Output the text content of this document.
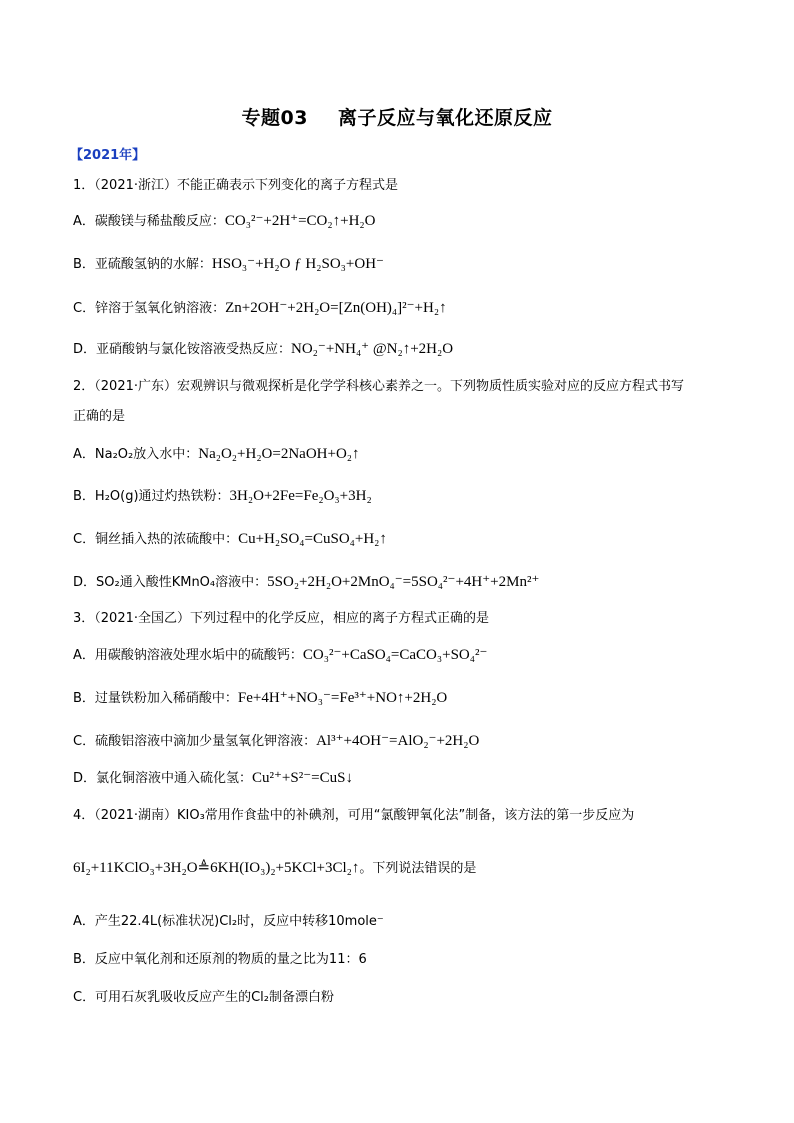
专题03 离子反应与氧化还原反应
【2021年】
1．（2021·浙江）不能正确表示下列变化的离子方程式是
A．碳酸镁与稀盐酸反应：CO₃²⁻+2H⁺=CO₂↑+H₂O
B．亚硫酸氢钠的水解：HSO₃⁻+H₂O ƒ H₂SO₃+OH⁻
C．锌溶于氢氧化钠溶液：Zn+2OH⁻+2H₂O=[Zn(OH)₄]²⁻+H₂↑
D．亚硝酸钠与氯化铵溶液受热反应：NO₂⁻+NH₄⁺ @N₂↑+2H₂O
2．（2021·广东）宏观辨识与微观探析是化学学科核心素养之一。下列物质性质实验对应的反应方程式书写
正确的是
A．Na₂O₂放入水中：Na₂O₂+H₂O=2NaOH+O₂↑
B．H₂O(g)通过灼热铁粉：3H₂O+2Fe=Fe₂O₃+3H₂
C．铜丝插入热的浓硫酸中：Cu+H₂SO₄=CuSO₄+H₂↑
D．SO₂通入酸性KMnO₄溶液中：5SO₂+2H₂O+2MnO₄⁻=5SO₄²⁻+4H⁺+2Mn²⁺
3．（2021·全国乙）下列过程中的化学反应，相应的离子方程式正确的是
A．用碳酸钠溶液处理水垢中的硫酸钙：CO₃²⁻+CaSO₄=CaCO₃+SO₄²⁻
B．过量铁粉加入稀硝酸中：Fe+4H⁺+NO₃⁻=Fe³⁺+NO↑+2H₂O
C．硫酸铝溶液中滴加少量氢氧化钾溶液：Al³⁺+4OH⁻=AlO₂⁻+2H₂O
D．氯化铜溶液中通入硫化氢：Cu²⁺+S²⁻=CuS↓
4．（2021·湖南）KIO₃常用作食盐中的补碘剂，可用“氯酸钾氧化法”制备，该方法的第一步反应为
6I₂+11KClO₃+3H₂O≜6KH(IO₃)₂+5KCl+3Cl₂↑。下列说法错误的是
A．产生22.4L(标准状况)Cl₂时，反应中转移10mole⁻
B．反应中氧化剂和还原剂的物质的量之比为11：6
C．可用石灰乳吸收反应产生的Cl₂制备漂白粉
